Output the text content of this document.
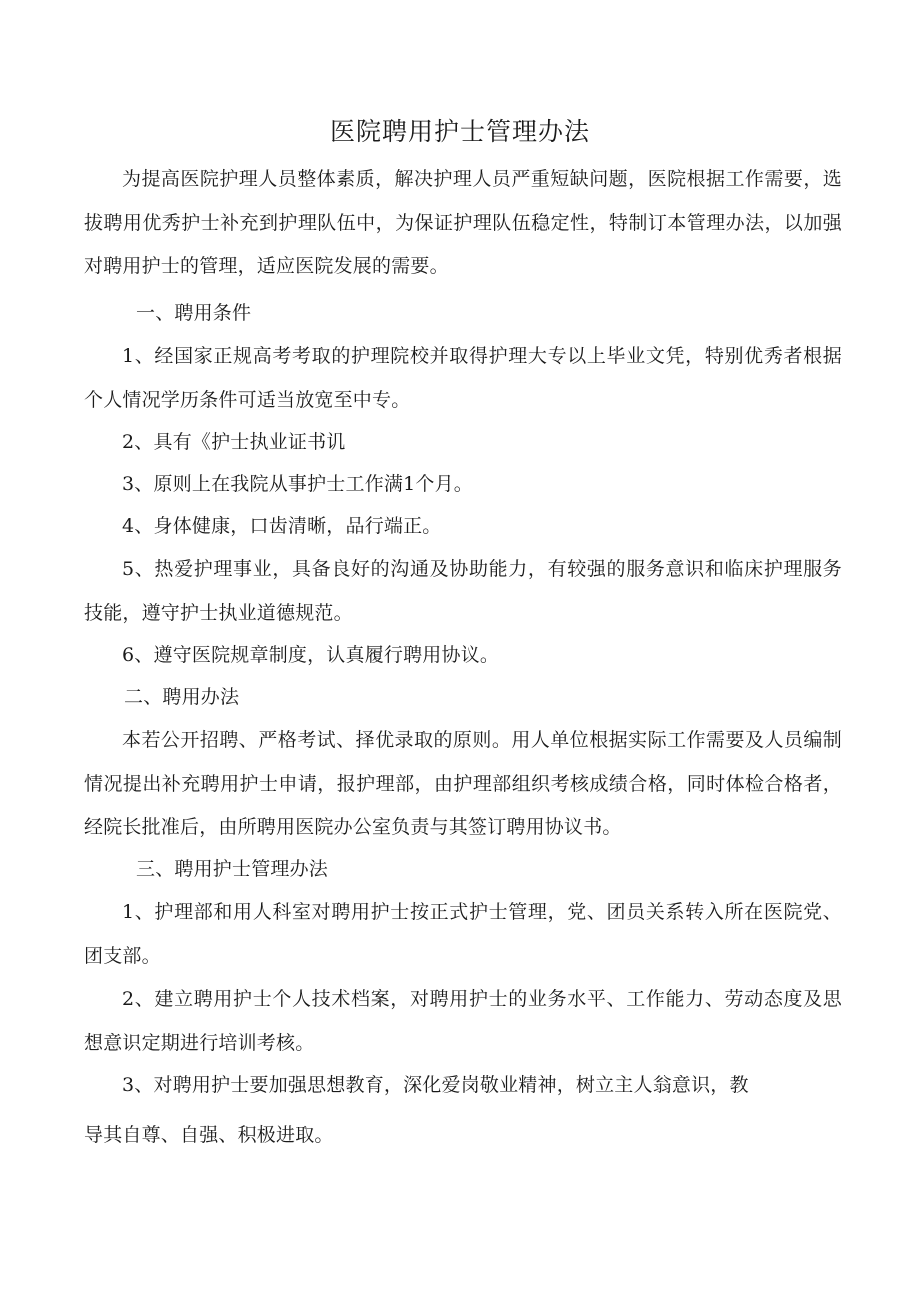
医院聘用护士管理办法

为提高医院护理人员整体素质，解决护理人员严重短缺问题，医院根据工作需要，选拔聘用优秀护士补充到护理队伍中，为保证护理队伍稳定性，特制订本管理办法，以加强对聘用护士的管理，适应医院发展的需要。

一、聘用条件

1、经国家正规高考考取的护理院校并取得护理大专以上毕业文凭，特别优秀者根据个人情况学历条件可适当放宽至中专。

2、具有《护士执业证书讥

3、原则上在我院从事护士工作满1个月。

4、身体健康，口齿清晰，品行端正。

5、热爱护理事业，具备良好的沟通及协助能力，有较强的服务意识和临床护理服务技能，遵守护士执业道德规范。

6、遵守医院规章制度，认真履行聘用协议。

二、聘用办法

本若公开招聘、严格考试、择优录取的原则。用人单位根据实际工作需要及人员编制情况提出补充聘用护士申请，报护理部，由护理部组织考核成绩合格，同时体检合格者，经院长批准后，由所聘用医院办公室负责与其签订聘用协议书。

三、聘用护士管理办法

1、护理部和用人科室对聘用护士按正式护士管理，党、团员关系转入所在医院党、团支部。

2、建立聘用护士个人技术档案，对聘用护士的业务水平、工作能力、劳动态度及思想意识定期进行培训考核。

3、对聘用护士要加强思想教育，深化爱岗敬业精神，树立主人翁意识，教

导其自尊、自强、积极进取。
